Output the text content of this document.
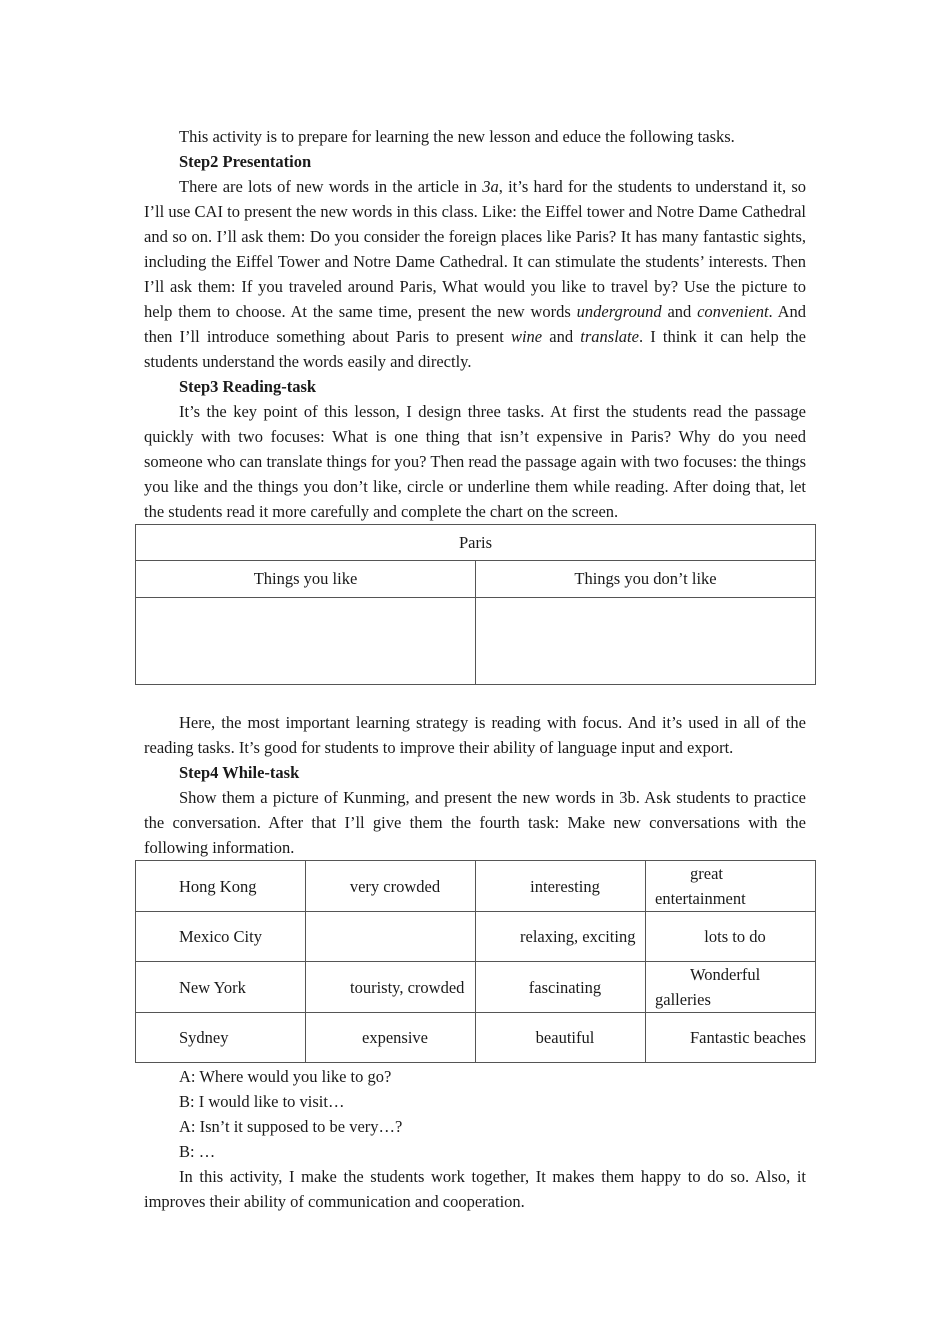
This activity is to prepare for learning the new lesson and educe the following tasks.

Step2 Presentation

There are lots of new words in the article in 3a, it’s hard for the students to understand it, so I’ll use CAI to present the new words in this class. Like: the Eiffel tower and Notre Dame Cathedral and so on. I’ll ask them: Do you consider the foreign places like Paris? It has many fantastic sights, including the Eiffel Tower and Notre Dame Cathedral. It can stimulate the students’ interests. Then I’ll ask them: If you traveled around Paris, What would you like to travel by? Use the picture to help them to choose. At the same time, present the new words underground and convenient. And then I’ll introduce something about Paris to present wine and translate. I think it can help the students understand the words easily and directly.

Step3 Reading-task

It’s the key point of this lesson, I design three tasks. At first the students read the passage quickly with two focuses: What is one thing that isn’t expensive in Paris? Why do you need someone who can translate things for you? Then read the passage again with two focuses: the things you like and the things you don’t like, circle or underline them while reading. After doing that, let the students read it more carefully and complete the chart on the screen.

Paris	
Things you like	Things you don’t like

Here, the most important learning strategy is reading with focus. And it’s used in all of the reading tasks. It’s good for students to improve their ability of language input and export.

Step4 While-task

Show them a picture of Kunming, and present the new words in 3b. Ask students to practice the conversation. After that I’ll give them the fourth task: Make new conversations with the following information.

Hong Kong	very crowded	interesting	great entertainment
Mexico City		relaxing, exciting	lots to do
New York	touristy, crowded	fascinating	Wonderful galleries
Sydney	expensive	beautiful	Fantastic beaches

A: Where would you like to go?

B: I would like to visit…

A: Isn’t it supposed to be very…?

B: …

In this activity, I make the students work together, It makes them happy to do so. Also, it improves their ability of communication and cooperation.
